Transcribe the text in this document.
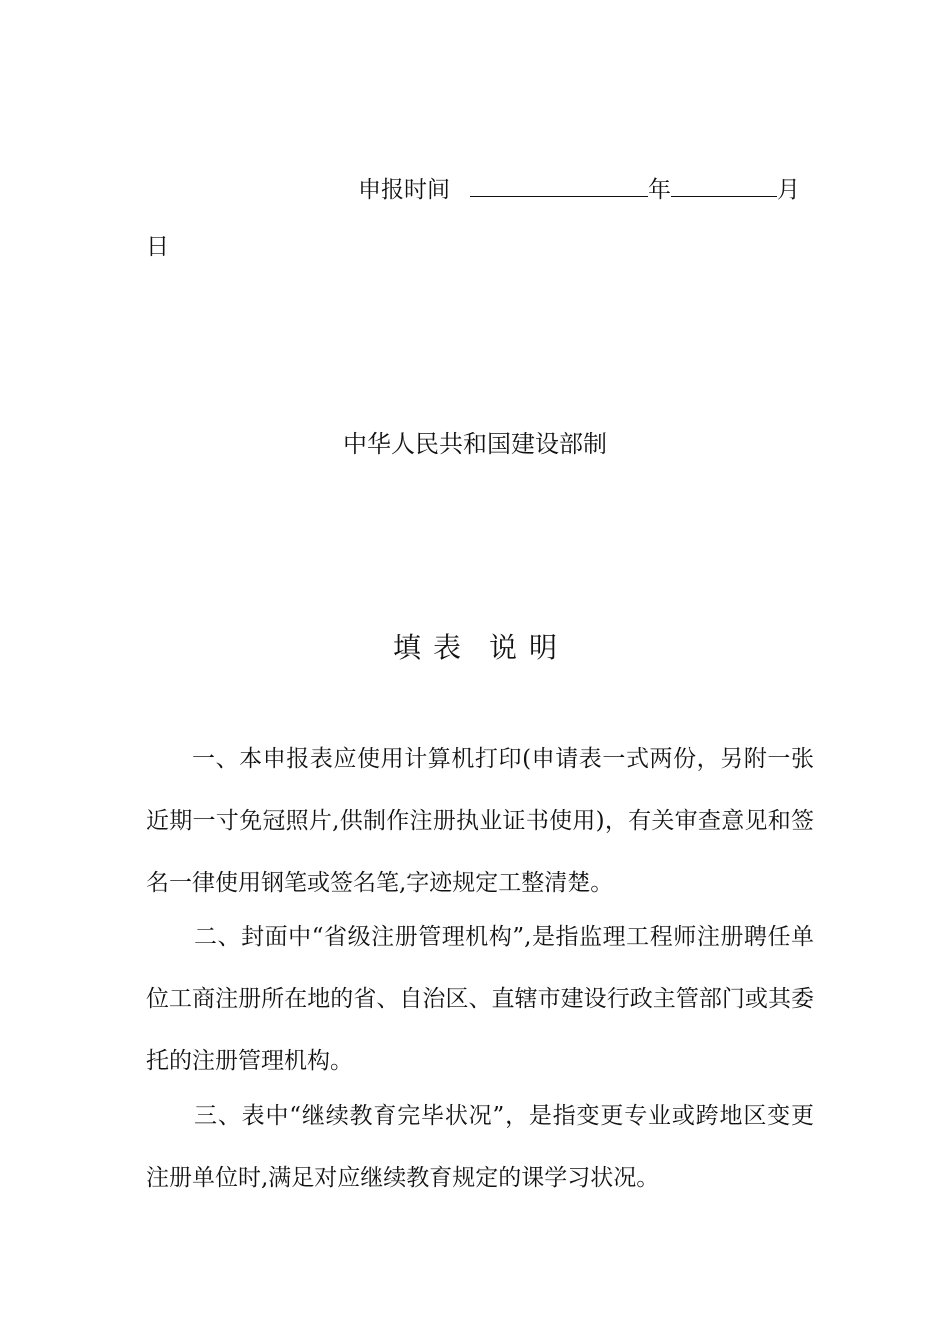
申报时间	年	月
日
中华人民共和国建设部制
填 表 说 明
一、本申报表应使用计算机打印(申请表一式两份，另附一张近期一寸免冠照片,供制作注册执业证书使用)，有关审查意见和签名一律使用钢笔或签名笔,字迹规定工整清楚。
二、封面中“省级注册管理机构”,是指监理工程师注册聘任单位工商注册所在地的省、自治区、直辖市建设行政主管部门或其委托的注册管理机构。
三、表中“继续教育完毕状况”，是指变更专业或跨地区变更注册单位时,满足对应继续教育规定的课学习状况。
